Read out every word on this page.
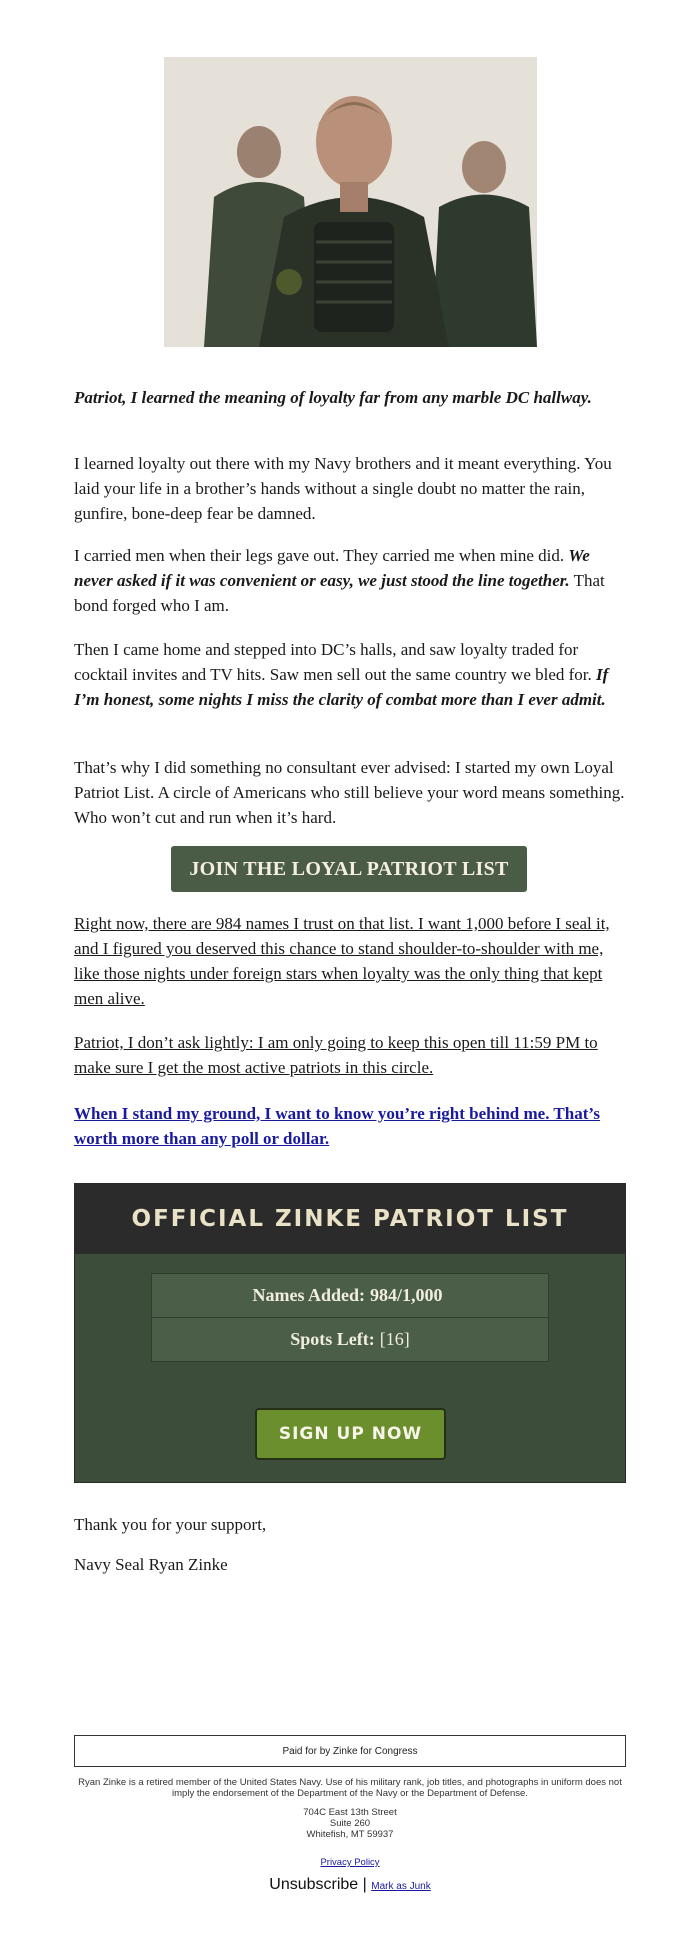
Patriot, I learned the meaning of loyalty far from any marble DC hallway.

I learned loyalty out there with my Navy brothers and it meant everything. You laid your life in a brother’s hands without a single doubt no matter the rain, gunfire, bone-deep fear be damned.

I carried men when their legs gave out. They carried me when mine did. We never asked if it was convenient or easy, we just stood the line together. That bond forged who I am.

Then I came home and stepped into DC’s halls, and saw loyalty traded for cocktail invites and TV hits. Saw men sell out the same country we bled for. If I’m honest, some nights I miss the clarity of combat more than I ever admit.

That’s why I did something no consultant ever advised: I started my own Loyal Patriot List. A circle of Americans who still believe your word means something. Who won’t cut and run when it’s hard.

JOIN THE LOYAL PATRIOT LIST

Right now, there are 984 names I trust on that list. I want 1,000 before I seal it, and I figured you deserved this chance to stand shoulder-to-shoulder with me, like those nights under foreign stars when loyalty was the only thing that kept men alive.

Patriot, I don’t ask lightly: I am only going to keep this open till 11:59 PM to make sure I get the most active patriots in this circle.

When I stand my ground, I want to know you’re right behind me. That’s worth more than any poll or dollar.

OFFICIAL ZINKE PATRIOT LIST
Names Added: 984/1,000
Spots Left: [16]
SIGN UP NOW

Thank you for your support,

Navy Seal Ryan Zinke

Paid for by Zinke for Congress

Ryan Zinke is a retired member of the United States Navy. Use of his military rank, job titles, and photographs in uniform does not imply the endorsement of the Department of the Navy or the Department of Defense.

704C East 13th Street

Suite 260

Whitefish, MT 59937

Privacy Policy

Unsubscribe | Mark as Junk
